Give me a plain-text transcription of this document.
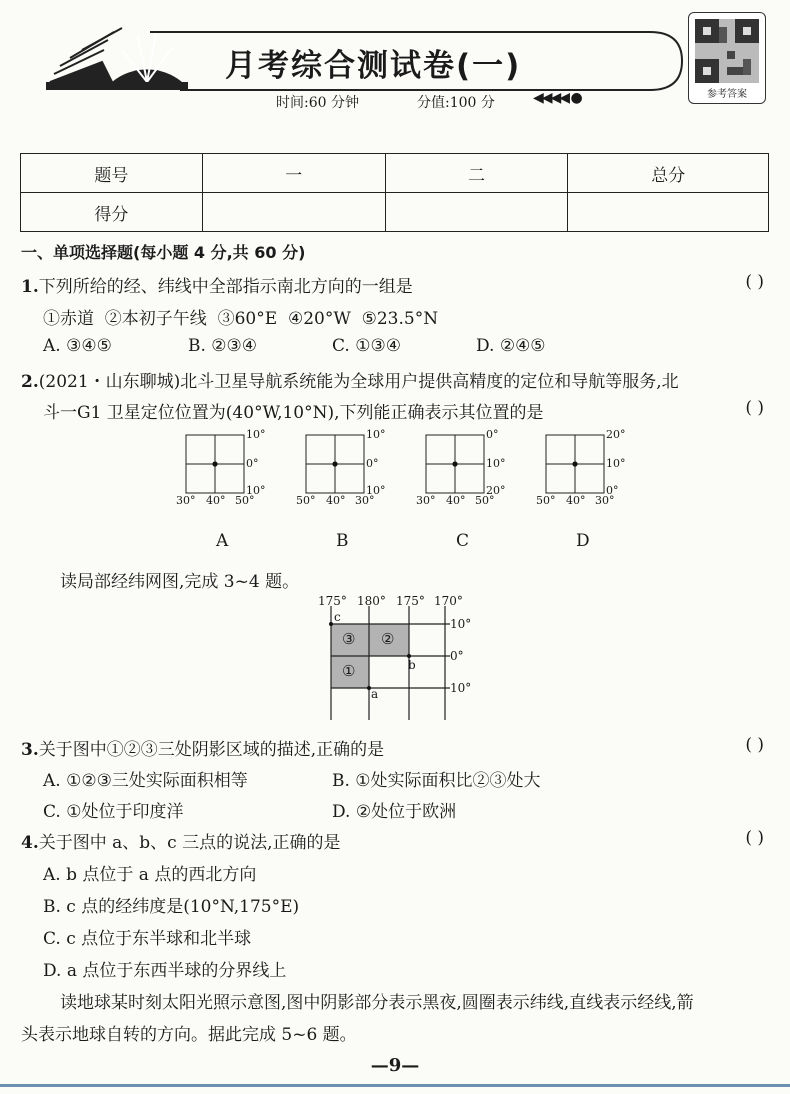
月考综合测试卷(一)
时间:60 分钟	分值:100 分	◀◀◀◀ ●	参考答案
题号	一	二	总分
得分			
一、单项选择题(每小题 4 分,共 60 分)
1.下列所给的经、纬线中全部指示南北方向的一组是	( )
①赤道  ②本初子午线  ③60°E  ④20°W  ⑤23.5°N
A. ③④⑤	B. ②③④	C. ①③④	D. ②④⑤
2.(2021・山东聊城)北斗卫星导航系统能为全球用户提供高精度的定位和导航等服务,北
斗一G1 卫星定位位置为(40°W,10°N),下列能正确表示其位置的是	( )
10°
0°
10°
30° 40° 50°
A
10°
0°
10°
50° 40° 30°
B
0°
10°
20°
30° 40° 50°
C
20°
10°
0°
50° 40° 30°
D
读局部经纬网图,完成 3~4 题。
175° 180° 175° 170°
10°
0°
10°
③ ②
①
c
b
a
3.关于图中①②③三处阴影区域的描述,正确的是	( )
A. ①②③三处实际面积相等	B. ①处实际面积比②③处大
C. ①处位于印度洋	D. ②处位于欧洲
4.关于图中 a、b、c 三点的说法,正确的是	( )
A. b 点位于 a 点的西北方向
B. c 点的经纬度是(10°N,175°E)
C. c 点位于东半球和北半球
D. a 点位于东西半球的分界线上
读地球某时刻太阳光照示意图,图中阴影部分表示黑夜,圆圈表示纬线,直线表示经线,箭
头表示地球自转的方向。据此完成 5~6 题。
—9—
